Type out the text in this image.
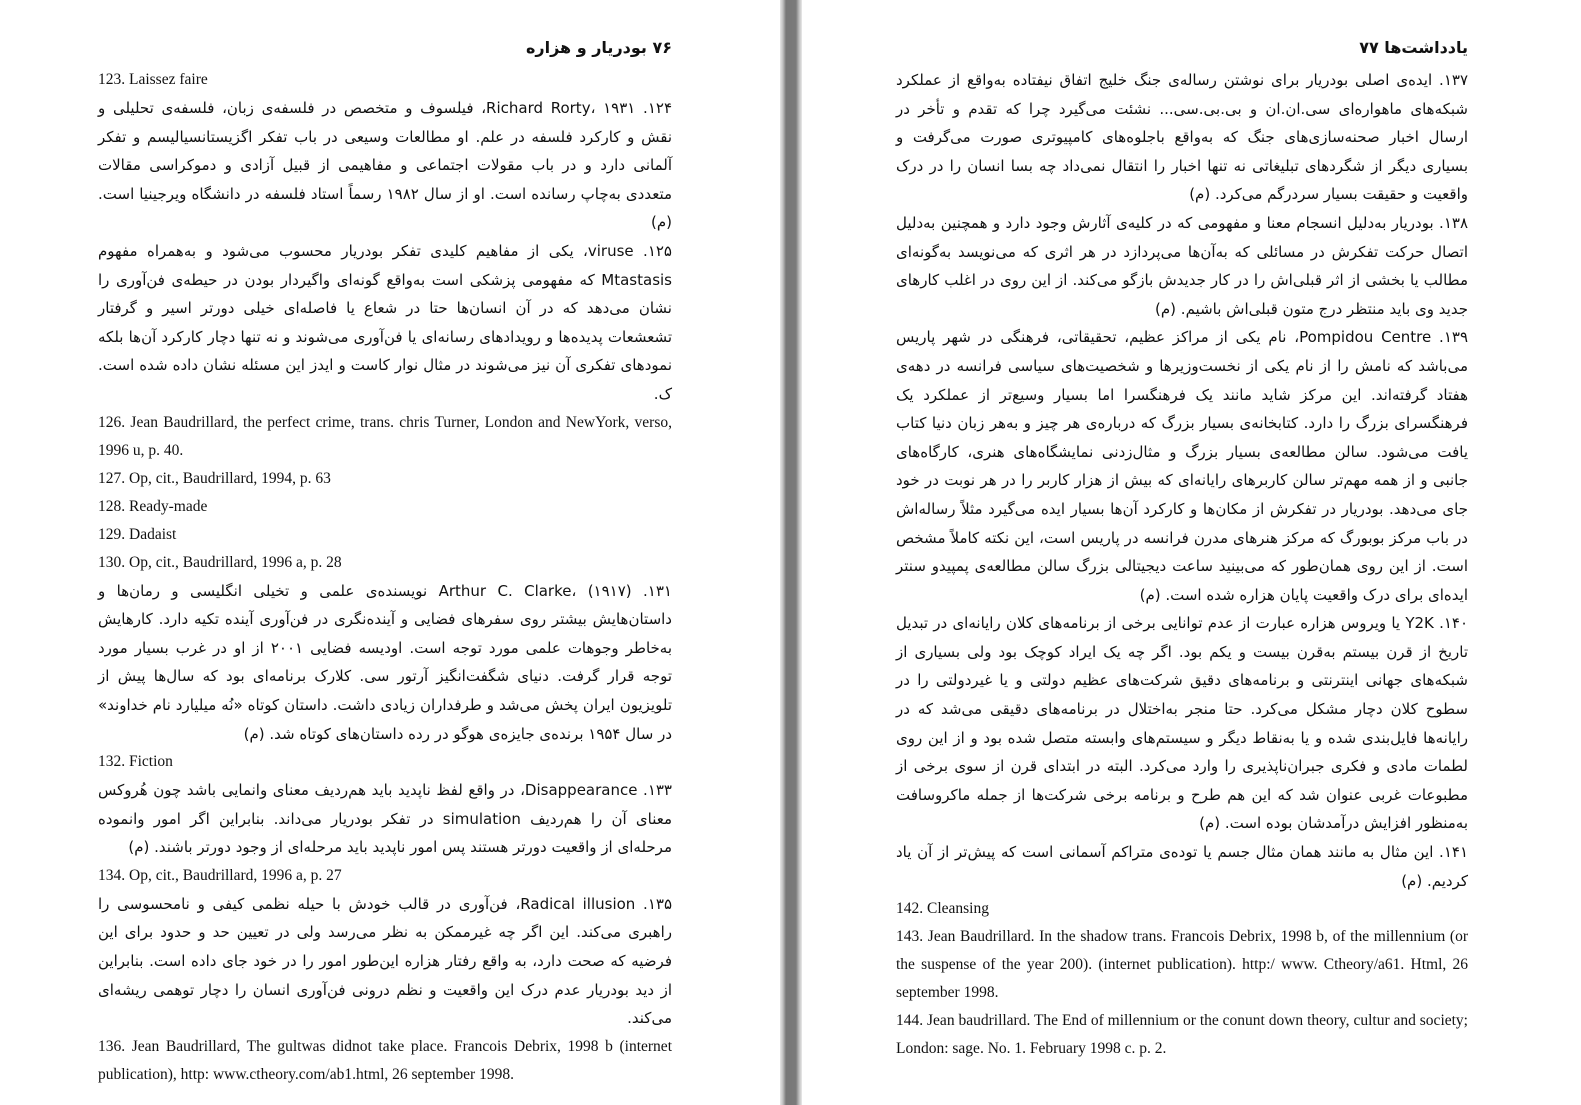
۷۶ بودریار و هزاره

123. Laissez faire

۱۲۴. Richard Rorty، ۱۹۳۱، فیلسوف و متخصص در فلسفه‌ی زبان، فلسفه‌ی تحلیلی و نقش و کارکرد فلسفه در علم. او مطالعات وسیعی در باب تفکر اگزیستانسیالیسم و تفکر آلمانی دارد و در باب مقولات اجتماعی و مفاهیمی از قبیل آزادی و دموکراسی مقالات متعددی به‌چاپ رسانده است. او از سال ۱۹۸۲ رسماً استاد فلسفه در دانشگاه ویرجینیا است. (م)

۱۲۵. viruse، یکی از مفاهیم کلیدی تفکر بودریار محسوب می‌شود و به‌همراه مفهوم Mtastasis که مفهومی پزشکی است به‌واقع گونه‌ای واگیردار بودن در حیطه‌ی فن‌آوری را نشان می‌دهد که در آن انسان‌ها حتا در شعاع یا فاصله‌ای خیلی دورتر اسیر و گرفتار تشعشعات پدیده‌ها و رویدادهای رسانه‌ای یا فن‌آوری می‌شوند و نه تنها دچار کارکرد آن‌ها بلکه نمودهای تفکری آن نیز می‌شوند در مثال نوار کاست و ایدز این مسئله نشان داده شده است. ک.

126. Jean Baudrillard, the perfect crime, trans. chris Turner, London and NewYork, verso, 1996 u, p. 40.

127. Op, cit., Baudrillard, 1994, p. 63

128. Ready-made

129. Dadaist

130. Op, cit., Baudrillard, 1996 a, p. 28

۱۳۱. Arthur C. Clarke، (۱۹۱۷) نویسنده‌ی علمی و تخیلی انگلیسی و رمان‌ها و داستان‌هایش بیشتر روی سفرهای فضایی و آینده‌نگری در فن‌آوری آینده تکیه دارد. کارهایش به‌خاطر وجوهات علمی مورد توجه است. اودیسه فضایی ۲۰۰۱ از او در غرب بسیار مورد توجه قرار گرفت. دنیای شگفت‌انگیز آرتور سی. کلارک برنامه‌ای بود که سال‌ها پیش از تلویزیون ایران پخش می‌شد و طرفداران زیادی داشت. داستان کوتاه «نُه میلیارد نام خداوند» در سال ۱۹۵۴ برنده‌ی جایزه‌ی هوگو در رده داستان‌های کوتاه شد. (م)

132. Fiction

۱۳۳. Disappearance، در واقع لفظ ناپدید باید هم‌ردیف معنای وانمایی باشد چون هُروکس معنای آن را هم‌ردیف simulation در تفکر بودریار می‌داند. بنابراین اگر امور وانموده مرحله‌ای از واقعیت دورتر هستند پس امور ناپدید باید مرحله‌ای از وجود دورتر باشند. (م)

134. Op, cit., Baudrillard, 1996 a, p. 27

۱۳۵. Radical illusion، فن‌آوری در قالب خودش با حیله نظمی کیفی و نامحسوسی را راهبری می‌کند. این اگر چه غیرممکن به نظر می‌رسد ولی در تعیین حد و حدود برای این فرضیه که صحت دارد، به واقع رفتار هزاره این‌طور امور را در خود جای داده است. بنابراین از دید بودریار عدم درک این واقعیت و نظم درونی فن‌آوری انسان را دچار توهمی ریشه‌ای می‌کند.

136. Jean Baudrillard, The gultwas didnot take place. Francois Debrix, 1998 b (internet publication), http: www.ctheory.com/ab1.html, 26 september 1998.

یادداشت‌ها ۷۷

۱۳۷. ایده‌ی اصلی بودریار برای نوشتن رساله‌ی جنگ خلیج اتفاق نیفتاده به‌واقع از عملکرد شبکه‌های ماهواره‌ای سی.ان.ان و بی.بی.سی... نشئت می‌گیرد چرا که تقدم و تأخر در ارسال اخبار صحنه‌سازی‌های جنگ که به‌واقع باجلوه‌های کامپیوتری صورت می‌گرفت و بسیاری دیگر از شگردهای تبلیغاتی نه تنها اخبار را انتقال نمی‌داد چه بسا انسان را در درک واقعیت و حقیقت بسیار سردرگم می‌کرد. (م)

۱۳۸. بودریار به‌دلیل انسجام معنا و مفهومی که در کلیه‌ی آثارش وجود دارد و همچنین به‌دلیل اتصال حرکت تفکرش در مسائلی که به‌آن‌ها می‌پردازد در هر اثری که می‌نویسد به‌گونه‌ای مطالب یا بخشی از اثر قبلی‌اش را در کار جدیدش بازگو می‌کند. از این روی در اغلب کارهای جدید وی باید منتظر درج متون قبلی‌اش باشیم. (م)

۱۳۹. Pompidou Centre، نام یکی از مراکز عظیم، تحقیقاتی، فرهنگی در شهر پاریس می‌باشد که نامش را از نام یکی از نخست‌وزیرها و شخصیت‌های سیاسی فرانسه در دهه‌ی هفتاد گرفته‌اند. این مرکز شاید مانند یک فرهنگسرا اما بسیار وسیع‌تر از عملکرد یک فرهنگسرای بزرگ را دارد. کتابخانه‌ی بسیار بزرگ که درباره‌ی هر چیز و به‌هر زبان دنیا کتاب یافت می‌شود. سالن مطالعه‌ی بسیار بزرگ و مثال‌زدنی نمایشگاه‌های هنری، کارگاه‌های جانبی و از همه مهم‌تر سالن کاربرهای رایانه‌ای که بیش از هزار کاربر را در هر نوبت در خود جای می‌دهد. بودریار در تفکرش از مکان‌ها و کارکرد آن‌ها بسیار ایده می‌گیرد مثلاً رساله‌اش در باب مرکز بوبورگ که مرکز هنرهای مدرن فرانسه در پاریس است، این نکته کاملاً مشخص است. از این روی همان‌طور که می‌بینید ساعت دیجیتالی بزرگ سالن مطالعه‌ی پمپیدو سنتر ایده‌ای برای درک واقعیت پایان هزاره شده است. (م)

۱۴۰. Y2K یا ویروس هزاره عبارت از عدم توانایی برخی از برنامه‌های کلان رایانه‌ای در تبدیل تاریخ از قرن بیستم به‌قرن بیست و یکم بود. اگر چه یک ایراد کوچک بود ولی بسیاری از شبکه‌های جهانی اینترنتی و برنامه‌های دقیق شرکت‌های عظیم دولتی و یا غیردولتی را در سطوح کلان دچار مشکل می‌کرد. حتا منجر به‌اختلال در برنامه‌های دقیقی می‌شد که در رایانه‌ها فایل‌بندی شده و یا به‌نقاط دیگر و سیستم‌های وابسته متصل شده بود و از این روی لطمات مادی و فکری جبران‌ناپذیری را وارد می‌کرد. البته در ابتدای قرن از سوی برخی از مطبوعات غربی عنوان شد که این هم طرح و برنامه برخی شرکت‌ها از جمله ماکروسافت به‌منظور افزایش درآمدشان بوده است. (م)

۱۴۱. این مثال به مانند همان مثال جسم یا توده‌ی متراکم آسمانی است که پیش‌تر از آن یاد کردیم. (م)

142. Cleansing

143. Jean Baudrillard. In the shadow trans. Francois Debrix, 1998 b, of the millennium (or the suspense of the year 200). (internet publication). http:/ www. Ctheory/a61. Html, 26 september 1998.

144. Jean baudrillard. The End of millennium or the conunt down theory, cultur and society; London: sage. No. 1. February 1998 c. p. 2.
